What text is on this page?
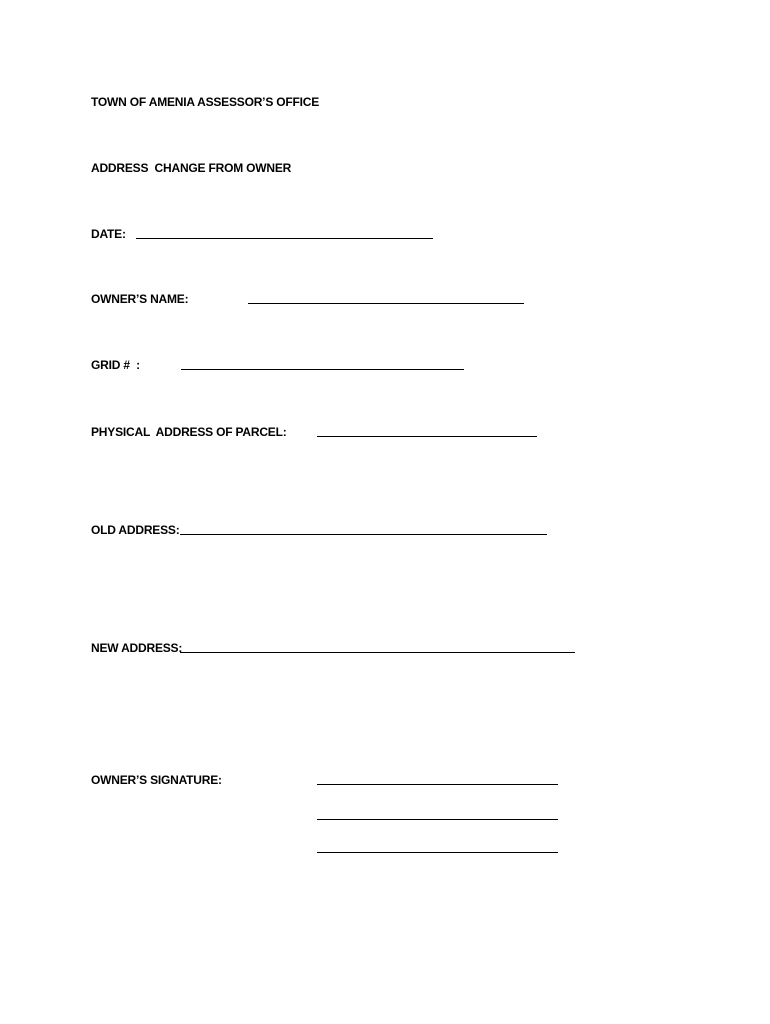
TOWN OF AMENIA ASSESSOR’S OFFICE
ADDRESS  CHANGE FROM OWNER
DATE:
OWNER’S NAME:
GRID #  :
PHYSICAL  ADDRESS OF PARCEL:
OLD ADDRESS:
NEW ADDRESS:
OWNER’S SIGNATURE:
